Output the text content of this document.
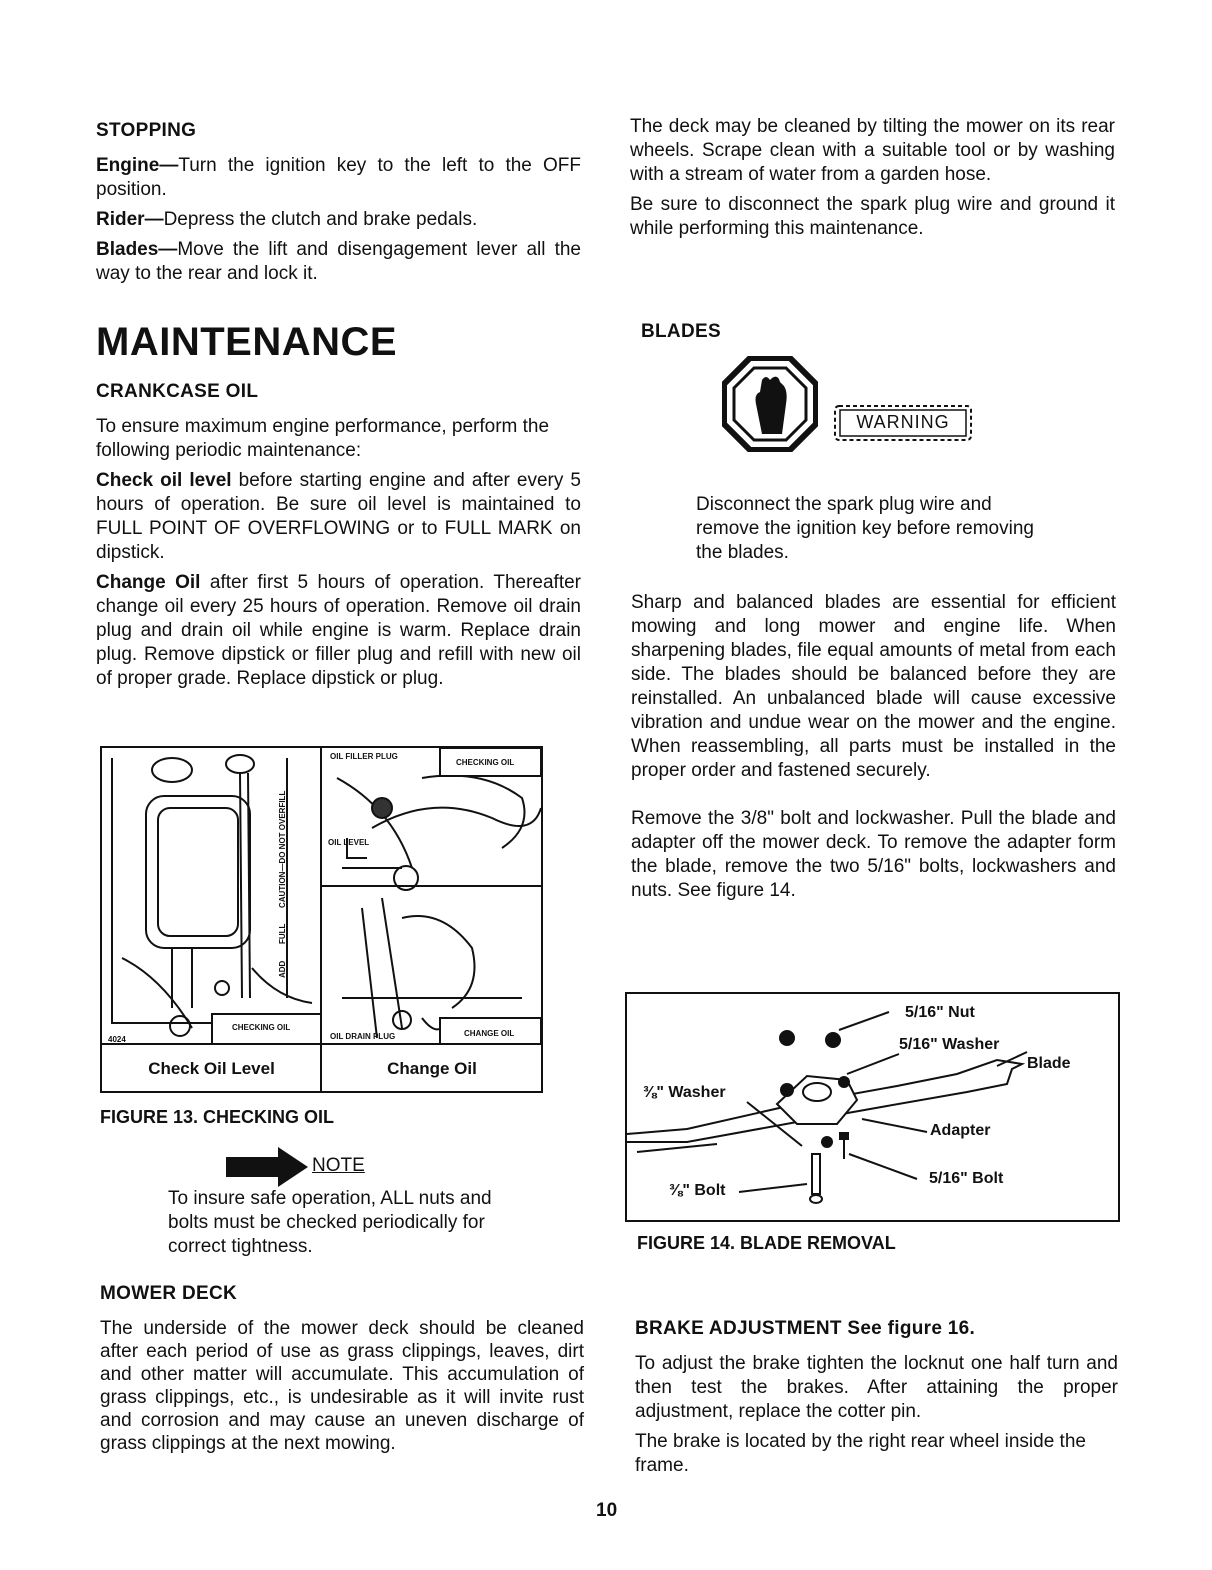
STOPPING

Engine—Turn the ignition key to the left to the OFF position.

Rider—Depress the clutch and brake pedals.

Blades—Move the lift and disengagement lever all the way to the rear and lock it.

MAINTENANCE
CRANKCASE OIL

To ensure maximum engine performance, perform the following periodic maintenance:

Check oil level before starting engine and after every 5 hours of operation. Be sure oil level is maintained to FULL POINT OF OVERFLOWING or to FULL MARK on dipstick.

Change Oil after first 5 hours of operation. Thereafter change oil every 25 hours of operation. Remove oil drain plug and drain oil while engine is warm. Replace drain plug. Remove dipstick or filler plug and refill with new oil of proper grade. Replace dipstick or plug.

OIL FILLER PLUG
CHECKING OIL
OIL LEVEL
CHECKING OIL
OIL DRAIN PLUG	CHANGE OIL
4024
CAUTION—DO NOT OVERFILL
ADD
FULL
Check Oil Level	Change Oil
FIGURE 13. CHECKING OIL
NOTE

To insure safe operation, ALL nuts and bolts must be checked periodically for correct tightness.

MOWER DECK

The underside of the mower deck should be cleaned after each period of use as grass clippings, leaves, dirt and other matter will accumulate. This accumulation of grass clippings, etc., is undesirable as it will invite rust and corrosion and may cause an uneven discharge of grass clippings at the next mowing.

The deck may be cleaned by tilting the mower on its rear wheels. Scrape clean with a suitable tool or by washing with a stream of water from a garden hose.

Be sure to disconnect the spark plug wire and ground it while performing this maintenance.

BLADES
WARNING

Disconnect the spark plug wire and remove the ignition key before removing the blades.

Sharp and balanced blades are essential for efficient mowing and long mower and engine life. When sharpening blades, file equal amounts of metal from each side. The blades should be balanced before they are reinstalled. An unbalanced blade will cause excessive vibration and undue wear on the mower and the engine. When reassembling, all parts must be installed in the proper order and fastened securely.

Remove the 3/8" bolt and lockwasher. Pull the blade and adapter off the mower deck. To remove the adapter form the blade, remove the two 5/16" bolts, lockwashers and nuts. See figure 14.

5/16" Nut
5/16" Washer
Blade
⅜" Washer
Adapter
⅜" Bolt
5/16" Bolt
FIGURE 14. BLADE REMOVAL
BRAKE ADJUSTMENT See figure 16.

To adjust the brake tighten the locknut one half turn and then test the brakes. After attaining the proper adjustment, replace the cotter pin.

The brake is located by the right rear wheel inside the frame.

10
